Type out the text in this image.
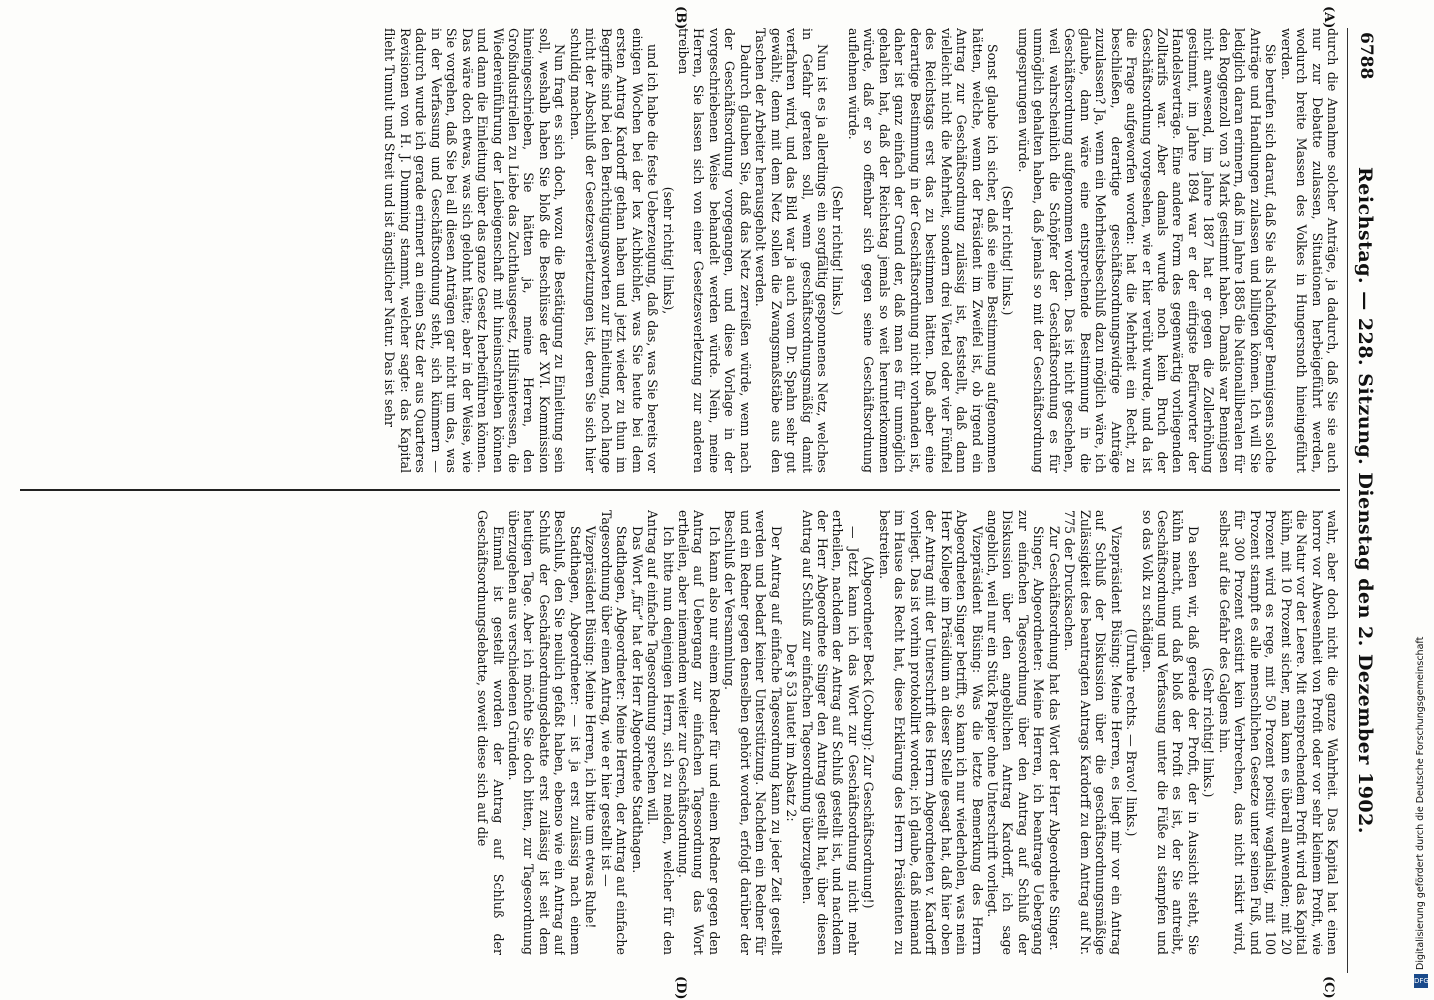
6788
Reichstag. — 228. Sitzung. Dienstag den 2. Dezember 1902.
(A)
(B)
(C)
(D)

durch die Annahme solcher Anträge, ja dadurch, daß Sie sie auch nur zur Debatte zulassen, Situationen herbeigeführt werden, wodurch breite Massen des Volkes in Hungersnoth hineingeführt werden.

Sie berufen sich darauf, daß Sie als Nachfolger Bennigsens solche Anträge und Handlungen zulassen und billigen können. Ich will Sie lediglich daran erinnern, daß im Jahre 1885 die Nationalliberalen für den Roggenzoll von 3 Mark gestimmt haben. Damals war Bennigsen nicht anwesend, im Jahre 1887 hat er gegen die Zollerhöhung gestimmt, im Jahre 1894 war er der eifrigste Befürworter der Handelsverträge. Eine andere Form des gegenwärtig vorliegenden Zolltarifs war. Aber damals wurde noch kein Bruch der Geschäftsordnung vorgesehen, wie er hier verübt wurde, und da ist die Frage aufgeworfen worden: hat die Mehrheit ein Recht, zu beschließen, derartige geschäftsordnungswidrige Anträge zuzulassen? Ja, wenn ein Mehrheitsbeschluß dazu möglich wäre, ich glaube, dann wäre eine entsprechende Bestimmung in die Geschäftsordnung aufgenommen worden. Das ist nicht geschehen, weil wahrscheinlich die Schöpfer der Geschäftsordnung es für unmöglich gehalten haben, daß jemals so mit der Geschäftsordnung umgesprungen würde.

(Sehr richtig! links.)

Sonst glaube ich sicher, daß sie eine Bestimmung aufgenommen hätten, welche, wenn der Präsident im Zweifel ist, ob irgend ein Antrag zur Geschäftsordnung zulässig ist, feststellt, daß dann vielleicht nicht die Mehrheit, sondern drei Viertel oder vier Fünftel des Reichstags erst das zu bestimmen hätten. Daß aber eine derartige Bestimmung in der Geschäftsordnung nicht vorhanden ist, daher ist ganz einfach der Grund der, daß man es für unmöglich gehalten hat, daß der Reichstag jemals so weit herunterkommen würde, daß er so offenbar sich gegen seine Geschäftsordnung auflehnen würde.

(Sehr richtig! links.)

Nun ist es ja allerdings ein sorgfältig gesponnenes Netz, welches in Gefahr geraten soll, wenn geschäftsordnungsmäßig damit verfahren wird, und das Bild war ja auch vom Dr. Spahn sehr gut gewählt; denn mit dem Netz sollen die Zwangsmaßstäbe aus den Taschen der Arbeiter herausgeholt werden.

Dadurch glauben Sie, daß das Netz zerreißen würde, wenn nach der Geschäftsordnung vorgegangen, und diese Vorlage in der vorgeschriebenen Weise behandelt werden würde. Nein, meine Herren, Sie lassen sich von einer Gesetzesverletzung zur anderen treiben

(sehr richtig! links),

und ich habe die feste Ueberzeugung, daß das, was Sie bereits vor einigen Wochen bei der lex Aichbichler, was Sie heute bei dem ersten Antrag Kardorff gethan haben und jetzt wieder zu thun im Begriffe sind bei den Berichtigungsworten zur Einleitung, noch lange nicht der Abschluß der Gesetzesverletzungen ist, deren Sie sich hier schuldig machen.

Nun fragt es sich doch, wozu die Bestätigung zu Einleitung sein soll, weshalb haben Sie bloß die Beschlüsse der XVI. Kommission hineingeschrieben, Sie hätten ja, meine Herren, den Großindustriellen zu Liebe das Zuchthausgesetz, Hilfsinteressen, die Wiedereinführung der Leibeigenschaft mit hineinschreiben können und dann die Einleitung über das ganze Gesetz herbeiführen können. Das wäre doch etwas, was sich gelohnt hätte; aber in der Weise, wie Sie vorgehen, daß Sie bei all diesen Anträgen gar nicht um das, was in der Verfassung und Geschäftsordnung steht, sich kümmern — dadurch wurde ich gerade erinnert an einen Satz der aus Quarteres Revisionen von H. J. Dumming stammt, welcher sagte: das Kapital flieht Tumult und Streit und ist ängstlicher Natur. Das ist sehr

wahr, aber doch nicht die ganze Wahrheit. Das Kapital hat einen horror vor Abwesenheit von Profit oder vor sehr kleinem Profit, wie die Natur vor der Leere. Mit entsprechendem Profit wird das Kapital kühn, mit 10 Prozent sicher, man kann es überall anwenden; mit 20 Prozent wird es rege, mit 50 Prozent positiv waghalsig, mit 100 Prozent stampft es alle menschlichen Gesetze unter seinen Fuß, und für 300 Prozent existirt kein Verbrechen, das nicht riskirt wird, selbst auf die Gefahr des Galgens hin.

(Sehr richtig! links.)

Da sehen wir, daß gerade der Profit, der in Aussicht steht, Sie kühn macht, und daß bloß der Profit es ist, der Sie antreibt, Geschäftsordnung und Verfassung unter die Füße zu stampfen und so das Volk zu schädigen.

(Unruhe rechts. — Bravo! links.)

Vizepräsident Büsing: Meine Herren, es liegt mir vor ein Antrag auf Schluß der Diskussion über die geschäftsordnungsmäßige Zulässigkeit des beantragten Antrags Kardorff zu dem Antrag auf Nr. 775 der Drucksachen.

Zur Geschäftsordnung hat das Wort der Herr Abgeordnete Singer.

Singer, Abgeordneter: Meine Herren, ich beantrage Uebergang zur einfachen Tagesordnung über den Antrag auf Schluß der Diskussion über den angeblichen Antrag Kardorff, ich sage angeblich, weil nur ein Stück Papier ohne Unterschrift vorliegt.

Vizepräsident Büsing: Was die letzte Bemerkung des Herrn Abgeordneten Singer betrifft, so kann ich nur wiederholen, was mein Herr Kollege im Präsidium an dieser Stelle gesagt hat, daß hier oben der Antrag mit der Unterschrift des Herrn Abgeordneten v. Kardorff vorliegt. Das ist vorhin protokollirt worden; ich glaube, daß niemand im Hause das Recht hat, diese Erklärung des Herrn Präsidenten zu bestreiten.

(Abgeordneter Beck (Coburg): Zur Geschäftsordnung!)

— Jetzt kann ich das Wort zur Geschäftsordnung nicht mehr ertheilen, nachdem der Antrag auf Schluß gestellt ist, und nachdem der Herr Abgeordnete Singer den Antrag gestellt hat, über diesen Antrag auf Schluß zur einfachen Tagesordnung überzugehen.

Der § 53 lautet im Absatz 2:

Der Antrag auf einfache Tagesordnung kann zu jeder Zeit gestellt werden und bedarf keiner Unterstützung. Nachdem ein Redner für und ein Redner gegen denselben gehört worden, erfolgt darüber der Beschluß der Versammlung.

Ich kann also nur einem Redner für und einem Redner gegen den Antrag auf Uebergang zur einfachen Tagesordnung das Wort ertheilen, aber niemandem weiter zur Geschäftsordnung.

Ich bitte nun denjenigen Herrn, sich zu melden, welcher für den Antrag auf einfache Tagesordnung sprechen will.

Das Wort „für“ hat der Herr Abgeordnete Stadthagen.

Stadthagen, Abgeordneter: Meine Herren, der Antrag auf einfache Tagesordnung über einen Antrag, wie er hier gestellt ist —

Vizepräsident Büsing: Meine Herren, ich bitte um etwas Ruhe!

Stadthagen, Abgeordneter: — ist ja erst zulässig nach einem Beschluß, den Sie neulich gefaßt haben, ebenso wie ein Antrag auf Schluß der Geschäftsordnungsdebatte erst zulässig ist seit dem heutigen Tage. Aber ich möchte Sie doch bitten, zur Tagesordnung überzugehen aus verschiedenen Gründen.

Einmal ist gestellt worden der Antrag auf Schluß der Geschäftsordnungsdebatte, soweit diese sich auf die	Digitalisierung gefördert durch die Deutsche Forschungsgemeinschaft
DFG
